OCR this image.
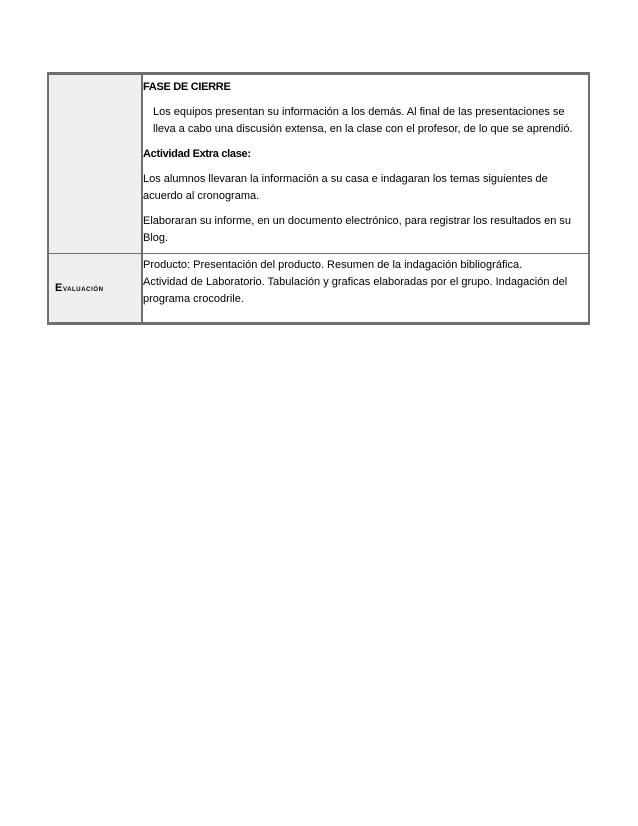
	FASE DE CIERRE

Los equipos presentan su información a los demás. Al final de las presentaciones se lleva a cabo una discusión extensa, en la clase con el profesor, de lo que se aprendió.

Actividad Extra clase:

Los alumnos llevaran la información a su casa e indagaran los temas siguientes de acuerdo al cronograma.

Elaboraran su informe, en un documento electrónico, para registrar los resultados en su Blog.

Evaluación	Producto: Presentación del producto. Resumen de la indagación bibliográfica.

Actividad de Laboratorio. Tabulación y graficas elaboradas por el grupo. Indagación del programa crocodrile.
